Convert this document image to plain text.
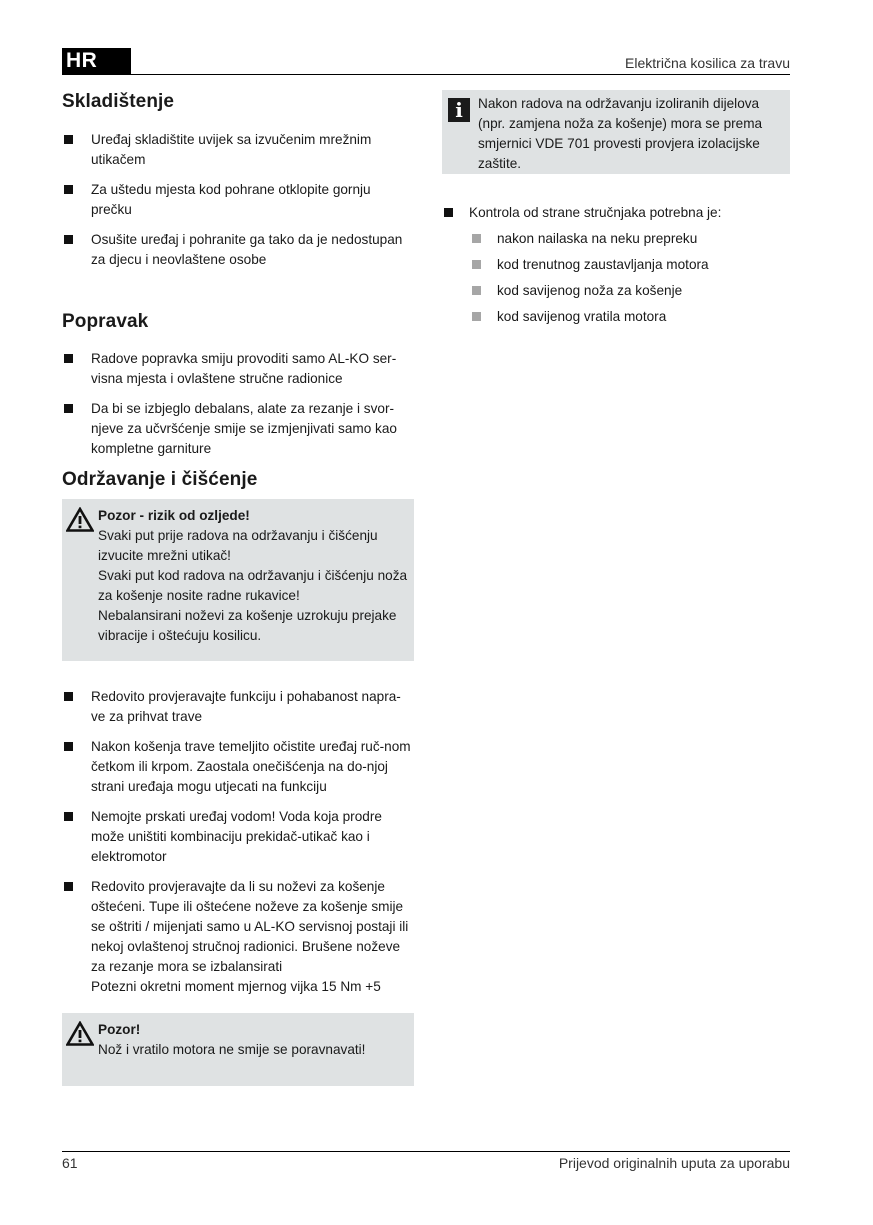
HR	Električna kosilica za travu
Skladištenje
Uređaj skladištite uvijek sa izvučenim mrežnim utikačem
Za uštedu mjesta kod pohrane otklopite gornju prečku
Osušite uređaj i pohranite ga tako da je nedostupan za djecu i neovlaštene osobe
Popravak
Radove popravka smiju provoditi samo AL-KO ser-visna mjesta i ovlaštene stručne radionice
Da bi se izbjeglo debalans, alate za rezanje i svor-njeve za učvršćenje smije se izmjenjivati samo kao kompletne garniture
Održavanje i čišćenje
Pozor - rizik od ozljede!
Svaki put prije radova na održavanju i čišćenju izvucite mrežni utikač!
Svaki put kod radova na održavanju i čišćenju noža za košenje nosite radne rukavice!
Nebalansirani noževi za košenje uzrokuju prejake vibracije i oštećuju kosilicu.
Redovito provjeravajte funkciju i pohabanost napra-ve za prihvat trave
Nakon košenja trave temeljito očistite uređaj ruč-nom četkom ili krpom. Zaostala onečišćenja na do-njoj strani uređaja mogu utjecati na funkciju
Nemojte prskati uređaj vodom! Voda koja prodre može uništiti kombinaciju prekidač-utikač kao i elektromotor
Redovito provjeravajte da li su noževi za košenje oštećeni. Tupe ili oštećene noževe za košenje smije se oštriti / mijenjati samo u AL-KO servisnoj postaji ili nekoj ovlaštenoj stručnoj radionici. Brušene noževe za rezanje mora se izbalansirati
Potezni okretni moment mjernog vijka 15 Nm +5
Pozor!
Nož i vratilo motora ne smije se poravnavati!
i	Nakon radova na održavanju izoliranih dijelova (npr. zamjena noža za košenje) mora se prema smjernici VDE 701 provesti provjera izolacijske zaštite.
Kontrola od strane stručnjaka potrebna je:
nakon nailaska na neku prepreku
kod trenutnog zaustavljanja motora
kod savijenog noža za košenje
kod savijenog vratila motora
61	Prijevod originalnih uputa za uporabu
